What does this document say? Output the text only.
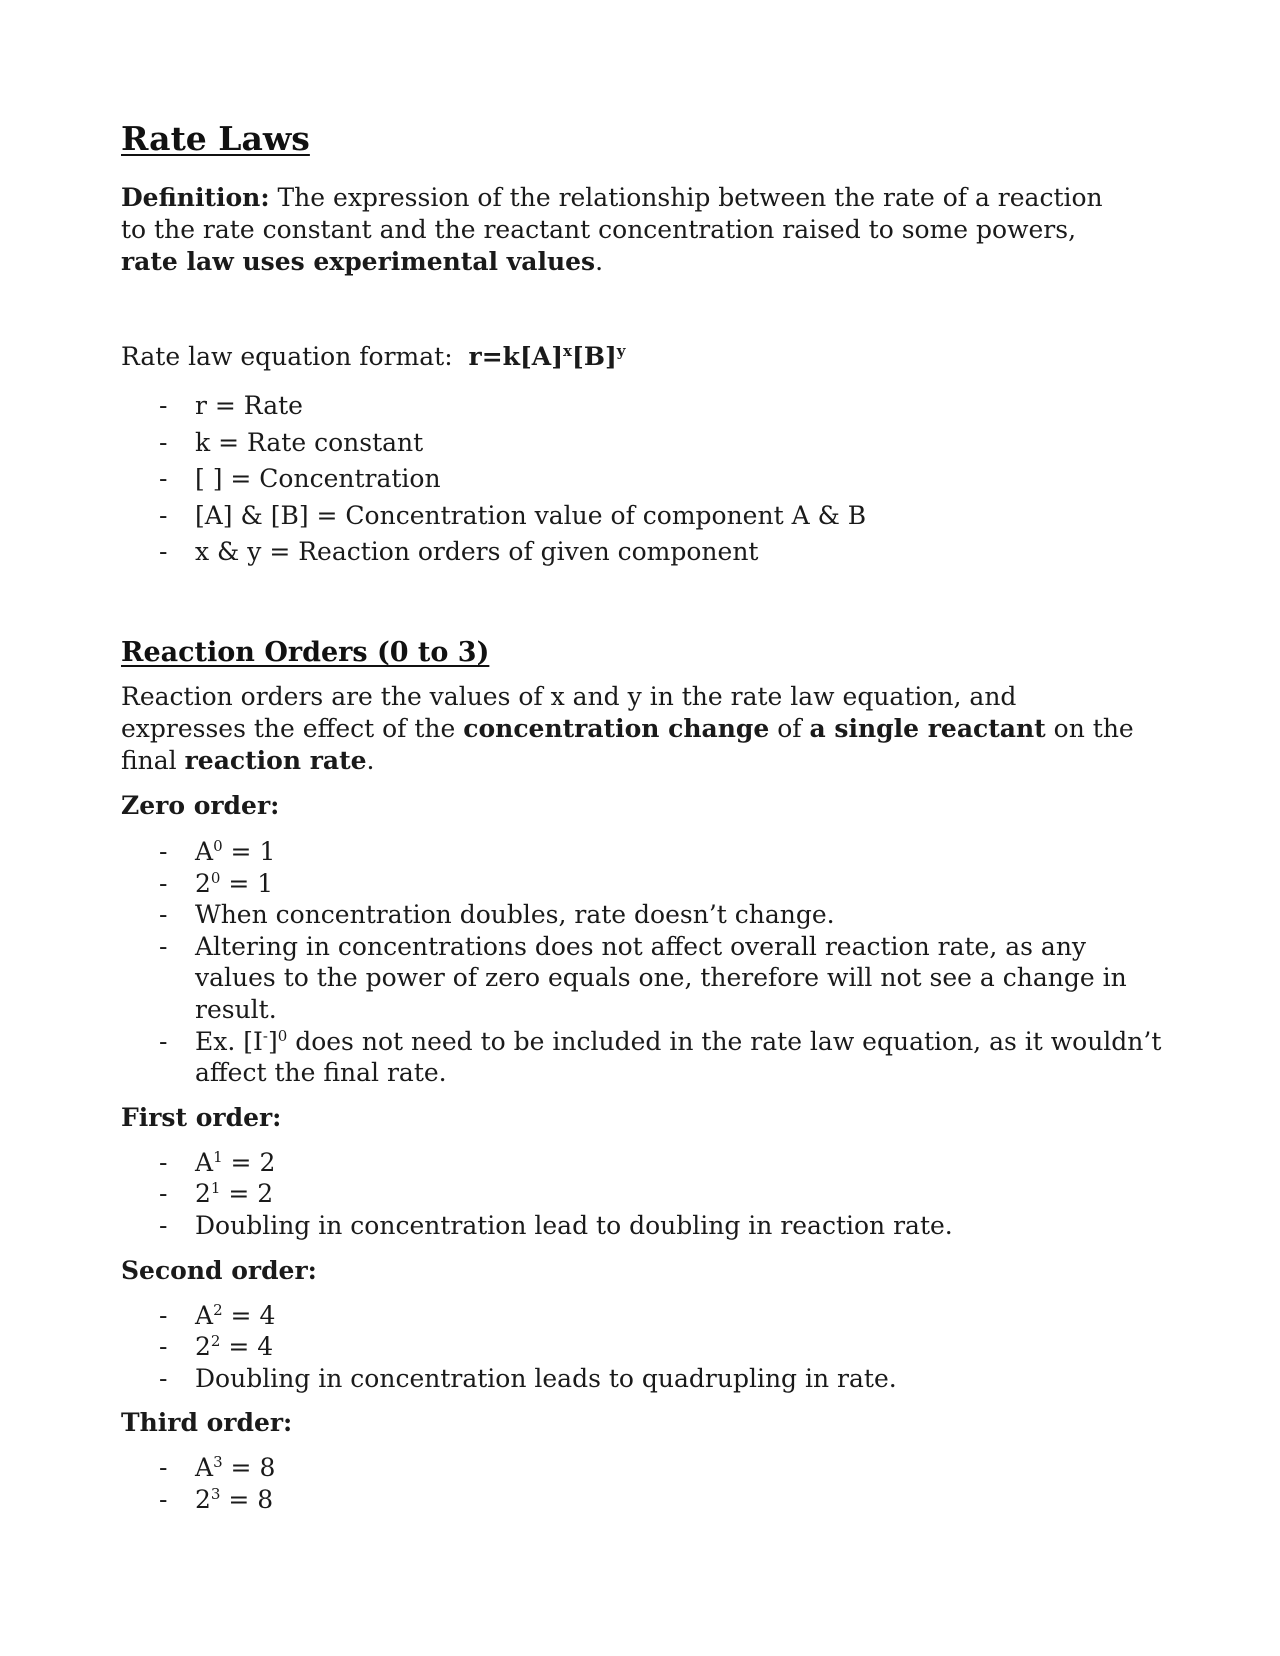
Rate Laws

Definition: The expression of the relationship between the rate of a reaction to the rate constant and the reactant concentration raised to some powers, rate law uses experimental values.

Rate law equation format: $r=k[A]^x[B]^y$

- r = Rate
- k = Rate constant
- [ ] = Concentration
- [A] & [B] = Concentration value of component A & B
- x & y = Reaction orders of given component
Reaction Orders (0 to 3)

Reaction orders are the values of x and y in the rate law equation, and expresses the effect of the concentration change of a single reactant on the final reaction rate.

Zero order:

- $A^0 = 1$
- $2^0 = 1$
- When concentration doubles, rate doesn’t change.
- Altering in concentrations does not affect overall reaction rate, as any values to the power of zero equals one, therefore will not see a change in result.
- Ex. $[I^-]^0$ does not need to be included in the rate law equation, as it wouldn’t affect the final rate.

First order:

- $A^1 = 2$
- $2^1 = 2$
- Doubling in concentration lead to doubling in reaction rate.

Second order:

- $A^2 = 4$
- $2^2 = 4$
- Doubling in concentration leads to quadrupling in rate.

Third order:

- $A^3 = 8$
- $2^3 = 8$
